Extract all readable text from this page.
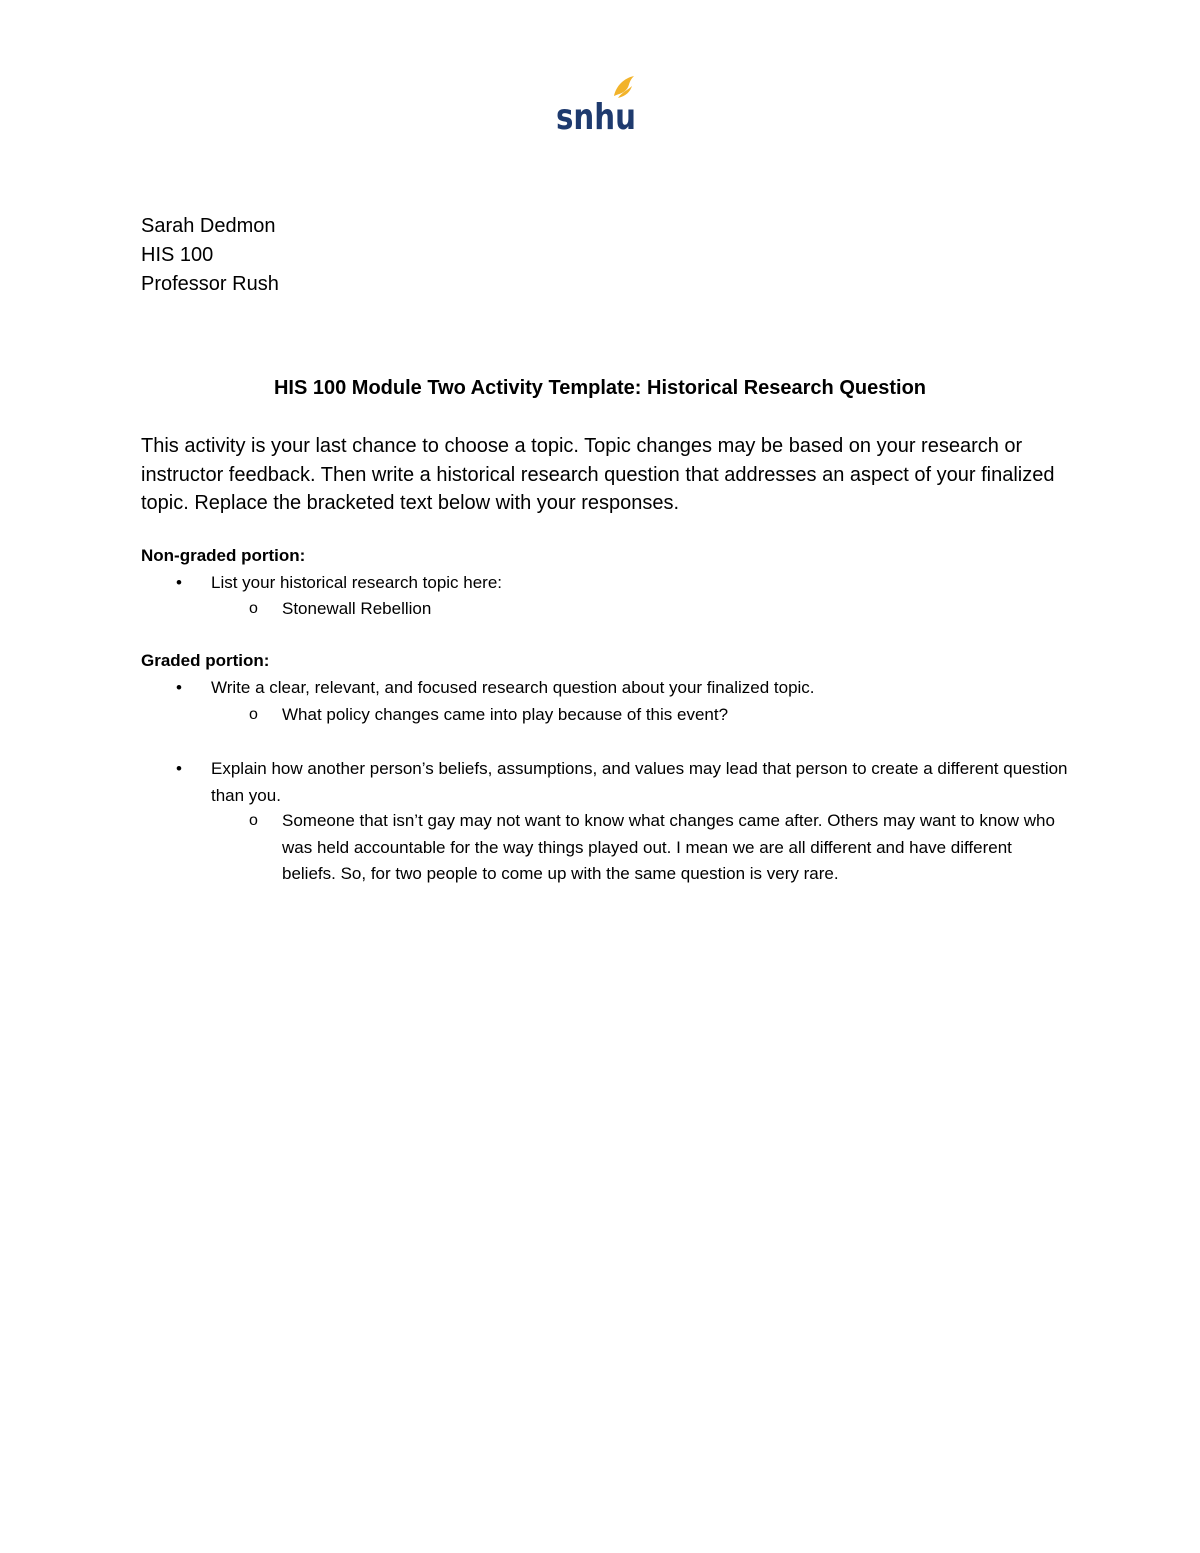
snhu
Sarah Dedmon
HIS 100
Professor Rush
HIS 100 Module Two Activity Template: Historical Research Question
This activity is your last chance to choose a topic. Topic changes may be based on your research or instructor feedback. Then write a historical research question that addresses an aspect of your finalized topic. Replace the bracketed text below with your responses.
Non-graded portion:
•	List your historical research topic here:
o	Stonewall Rebellion
Graded portion:
•	Write a clear, relevant, and focused research question about your finalized topic.
o	What policy changes came into play because of this event?
•	Explain how another person’s beliefs, assumptions, and values may lead that person to create a different question than you.
o	Someone that isn’t gay may not want to know what changes came after. Others may want to know who was held accountable for the way things played out. I mean we are all different and have different beliefs. So, for two people to come up with the same question is very rare.
